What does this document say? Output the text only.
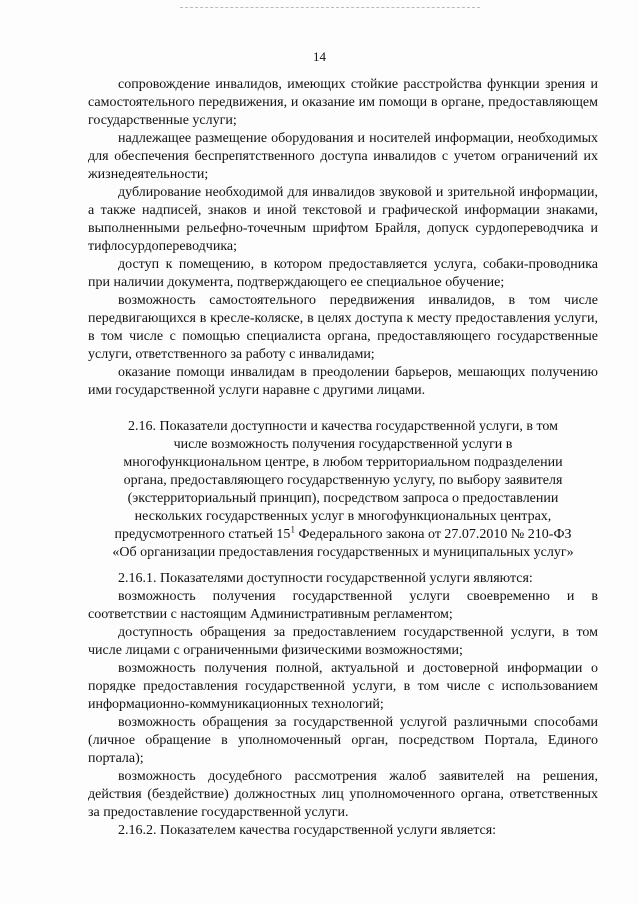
14

сопровождение инвалидов, имеющих стойкие расстройства функции зрения и самостоятельного передвижения, и оказание им помощи в органе, предоставляющем государственные услуги;

надлежащее размещение оборудования и носителей информации, необходимых для обеспечения беспрепятственного доступа инвалидов с учетом ограничений их жизнедеятельности;

дублирование необходимой для инвалидов звуковой и зрительной информации, а также надписей, знаков и иной текстовой и графической информации знаками, выполненными рельефно-точечным шрифтом Брайля, допуск сурдопереводчика и тифлосурдопереводчика;

доступ к помещению, в котором предоставляется услуга, собаки-проводника при наличии документа, подтверждающего ее специальное обучение;

возможность самостоятельного передвижения инвалидов, в том числе передвигающихся в кресле-коляске, в целях доступа к месту предоставления услуги, в том числе с помощью специалиста органа, предоставляющего государственные услуги, ответственного за работу с инвалидами;

оказание помощи инвалидам в преодолении барьеров, мешающих получению ими государственной услуги наравне с другими лицами.

2.16. Показатели доступности и качества государственной услуги, в том

числе возможность получения государственной услуги в

многофункциональном центре, в любом территориальном подразделении

органа, предоставляющего государственную услугу, по выбору заявителя

(экстерриториальный принцип), посредством запроса о предоставлении

нескольких государственных услуг в многофункциональных центрах,

предусмотренного статьей $15^1$ Федерального закона от 27.07.2010 № 210-ФЗ

«Об организации предоставления государственных и муниципальных услуг»

2.16.1. Показателями доступности государственной услуги являются:

возможность получения государственной услуги своевременно и в соответствии с настоящим Административным регламентом;

доступность обращения за предоставлением государственной услуги, в том числе лицами с ограниченными физическими возможностями;

возможность получения полной, актуальной и достоверной информации о порядке предоставления государственной услуги, в том числе с использованием информационно-коммуникационных технологий;

возможность обращения за государственной услугой различными способами (личное обращение в уполномоченный орган, посредством Портала, Единого портала);

возможность досудебного рассмотрения жалоб заявителей на решения, действия (бездействие) должностных лиц уполномоченного органа, ответственных за предоставление государственной услуги.

2.16.2. Показателем качества государственной услуги является:
